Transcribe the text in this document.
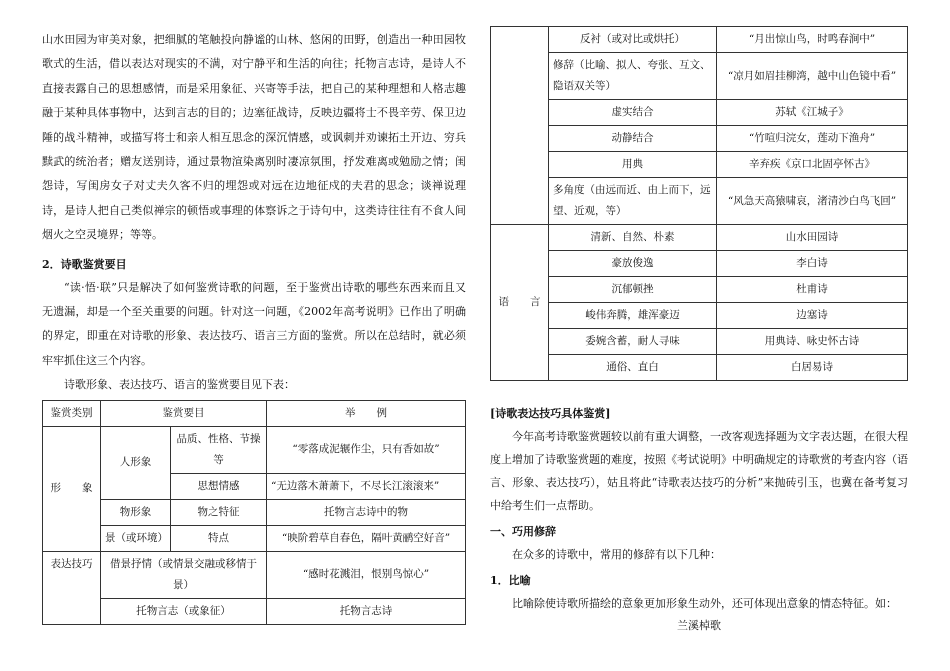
山水田园为审美对象，把细腻的笔触投向静谧的山林、悠闲的田野，创造出一种田园牧歌式的生活，借以表达对现实的不满，对宁静平和生活的向往；托物言志诗，是诗人不直接表露自己的思想感情，而是采用象征、兴寄等手法，把自己的某种理想和人格志趣融于某种具体事物中，达到言志的目的；边塞征战诗，反映边疆将士不畏辛劳、保卫边陲的战斗精神，或描写将士和亲人相互思念的深沉情感，或讽刺并劝谏拓土开边、穷兵黩武的统治者；赠友送别诗，通过景物渲染离别时凄凉氛围，抒发难离或勉励之情；闺怨诗，写闺房女子对丈夫久客不归的埋怨或对远在边地征戍的夫君的思念；谈禅说理诗，是诗人把自己类似禅宗的顿悟或事理的体察诉之于诗句中，这类诗往往有不食人间烟火之空灵境界；等等。

2．诗歌鉴赏要目

“读·悟·联”只是解决了如何鉴赏诗歌的问题，至于鉴赏出诗歌的哪些东西来而且又无遗漏，却是一个至关重要的问题。针对这一问题，《2002年高考说明》已作出了明确的界定，即重在对诗歌的形象、表达技巧、语言三方面的鉴赏。所以在总结时，就必须牢牢抓住这三个内容。

诗歌形象、表达技巧、语言的鉴赏要目见下表：

鉴赏类别	鉴赏要目		举　　例
形　　象	人形象	品质、性格、节操等	“零落成泥辗作尘，只有香如故”
		思想情感	“无边落木萧萧下，不尽长江滚滚来”
	物形象	物之特征	托物言志诗中的物
	景（或环境）	特点	“映阶碧草自春色，隔叶黄鹂空好音”
表达技巧	借景抒情（或情景交融或移情于景）		“感时花溅泪，恨别鸟惊心”
	托物言志（或象征）		托物言志诗
	反衬（或对比或烘托）	“月出惊山鸟，时鸣春涧中”
	修辞（比喻、拟人、夸张、互文、隐语双关等）	“凉月如眉挂柳湾，越中山色镜中看”
	虚实结合	苏轼《江城子》
	动静结合	“竹喧归浣女，莲动下渔舟”
	用典	辛弃疾《京口北固亭怀古》
	多角度（由远而近、由上而下，远望、近观，等）	“风急天高猿啸哀，渚清沙白鸟飞回”
语　　言	清新、自然、朴素	山水田园诗
	豪放俊逸	李白诗
	沉郁顿挫	杜甫诗
	峻伟奔腾，雄浑豪迈	边塞诗
	委婉含蓄，耐人寻味	用典诗、咏史怀古诗
	通俗、直白	白居易诗

[诗歌表达技巧具体鉴赏]

今年高考诗歌鉴赏题较以前有重大调整，一改客观选择题为文字表达题，在很大程度上增加了诗歌鉴赏题的难度，按照《考试说明》中明确规定的诗歌赏的考查内容（语言、形象、表达技巧），姑且将此“诗歌表达技巧的分析”来抛砖引玉，也冀在备考复习中给考生们一点帮助。

一、巧用修辞

在众多的诗歌中，常用的修辞有以下几种：

1．比喻

比喻除使诗歌所描绘的意象更加形象生动外，还可体现出意象的情态特征。如：

兰溪棹歌
